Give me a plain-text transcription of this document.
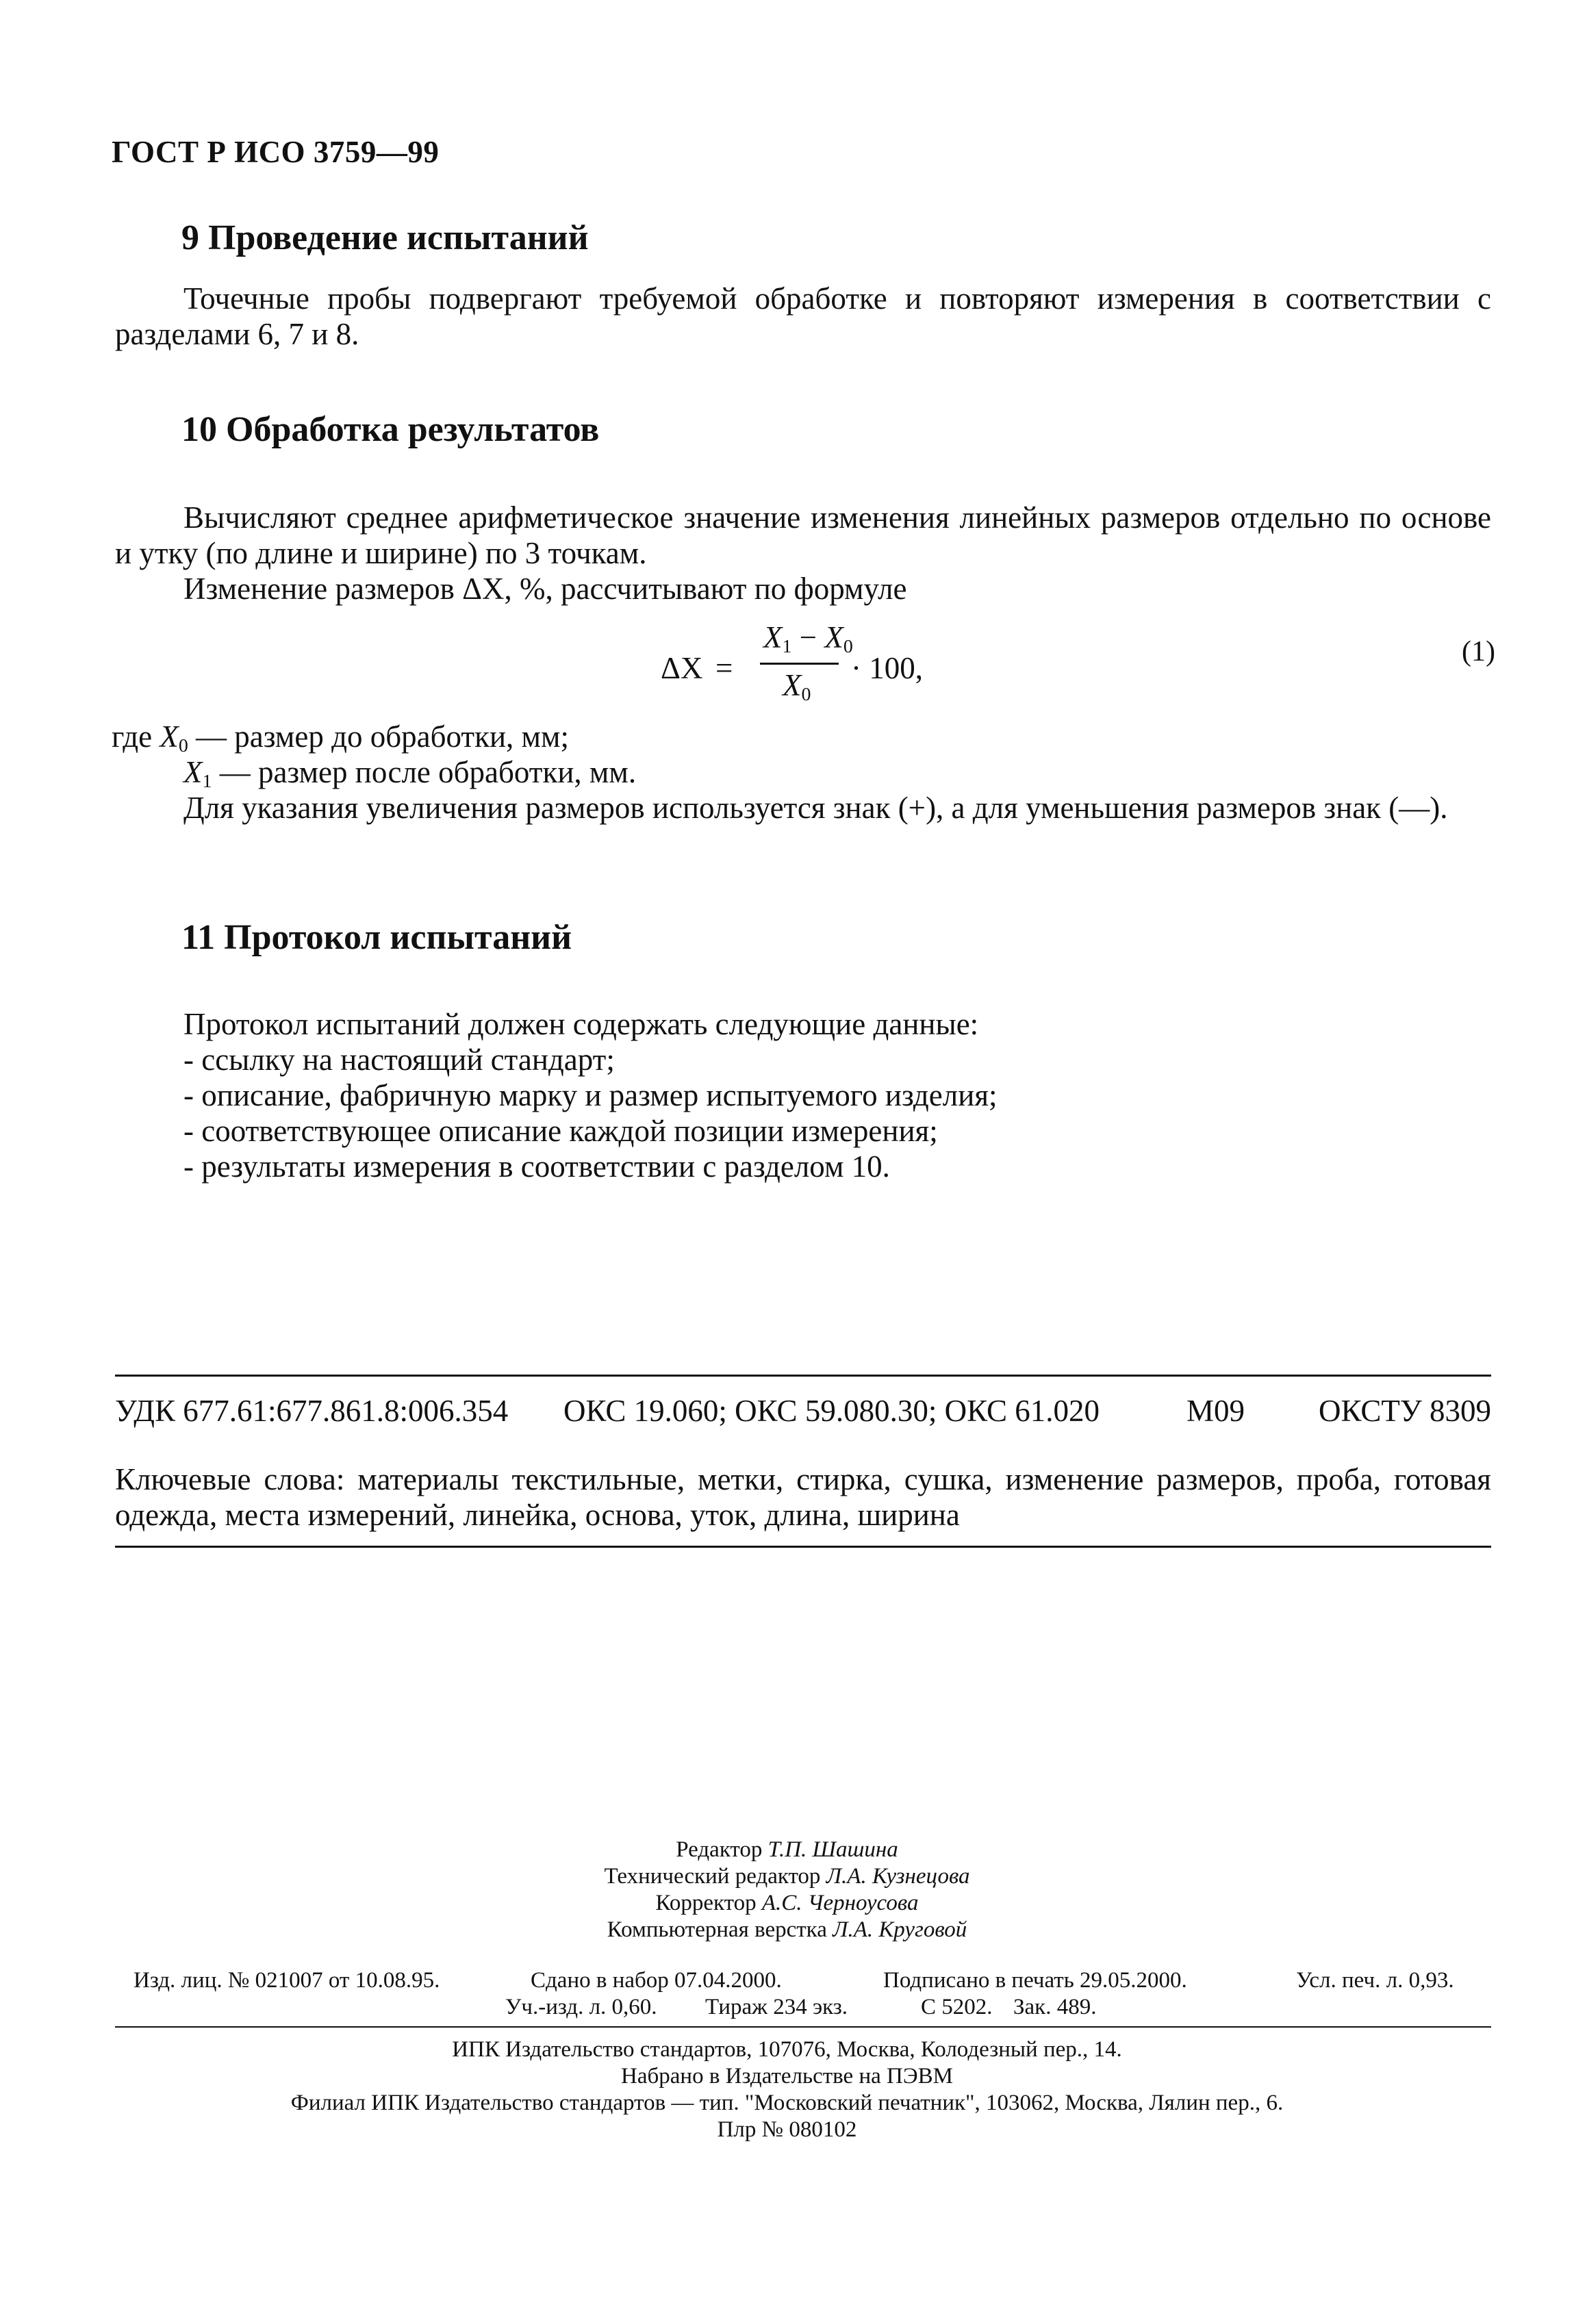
ГОСТ Р ИСО 3759—99
9 Проведение испытаний
Точечные пробы подвергают требуемой обработке и повторяют измерения в соответствии с разделами 6, 7 и 8.
10 Обработка результатов
Вычисляют среднее арифметическое значение изменения линейных размеров отдельно по основе и утку (по длине и ширине) по 3 точкам.
Изменение размеров ΔX, %, рассчитывают по формуле
ΔX =
$X_1 - X_0$
$X_0$
· 100,	(1)
где $X_0$ — размер до обработки, мм;
$X_1$ — размер после обработки, мм.
Для указания увеличения размеров используется знак (+), а для уменьшения размеров знак (—).
11 Протокол испытаний
Протокол испытаний должен содержать следующие данные:
- ссылку на настоящий стандарт;
- описание, фабричную марку и размер испытуемого изделия;
- соответствующее описание каждой позиции измерения;
- результаты измерения в соответствии с разделом 10.
УДК 677.61:677.861.8:006.354 ОКС 19.060; ОКС 59.080.30; ОКС 61.020	М09 ОКСТУ 8309
Ключевые слова: материалы текстильные, метки, стирка, сушка, изменение размеров, проба, готовая одежда, места измерений, линейка, основа, уток, длина, ширина
Редактор Т.П. Шашина
Технический редактор Л.А. Кузнецова
Корректор А.С. Черноусова
Компьютерная верстка Л.А. Круговой
Изд. лиц. № 021007 от 10.08.95.	Сдано в набор 07.04.2000.	Подписано в печать 29.05.2000.	Усл. печ. л. 0,93.
Уч.-изд. л. 0,60. Тираж 234 экз.	С 5202. Зак. 489.
ИПК Издательство стандартов, 107076, Москва, Колодезный пер., 14.
Набрано в Издательстве на ПЭВМ
Филиал ИПК Издательство стандартов — тип. "Московский печатник", 103062, Москва, Лялин пер., 6.
Плр № 080102
